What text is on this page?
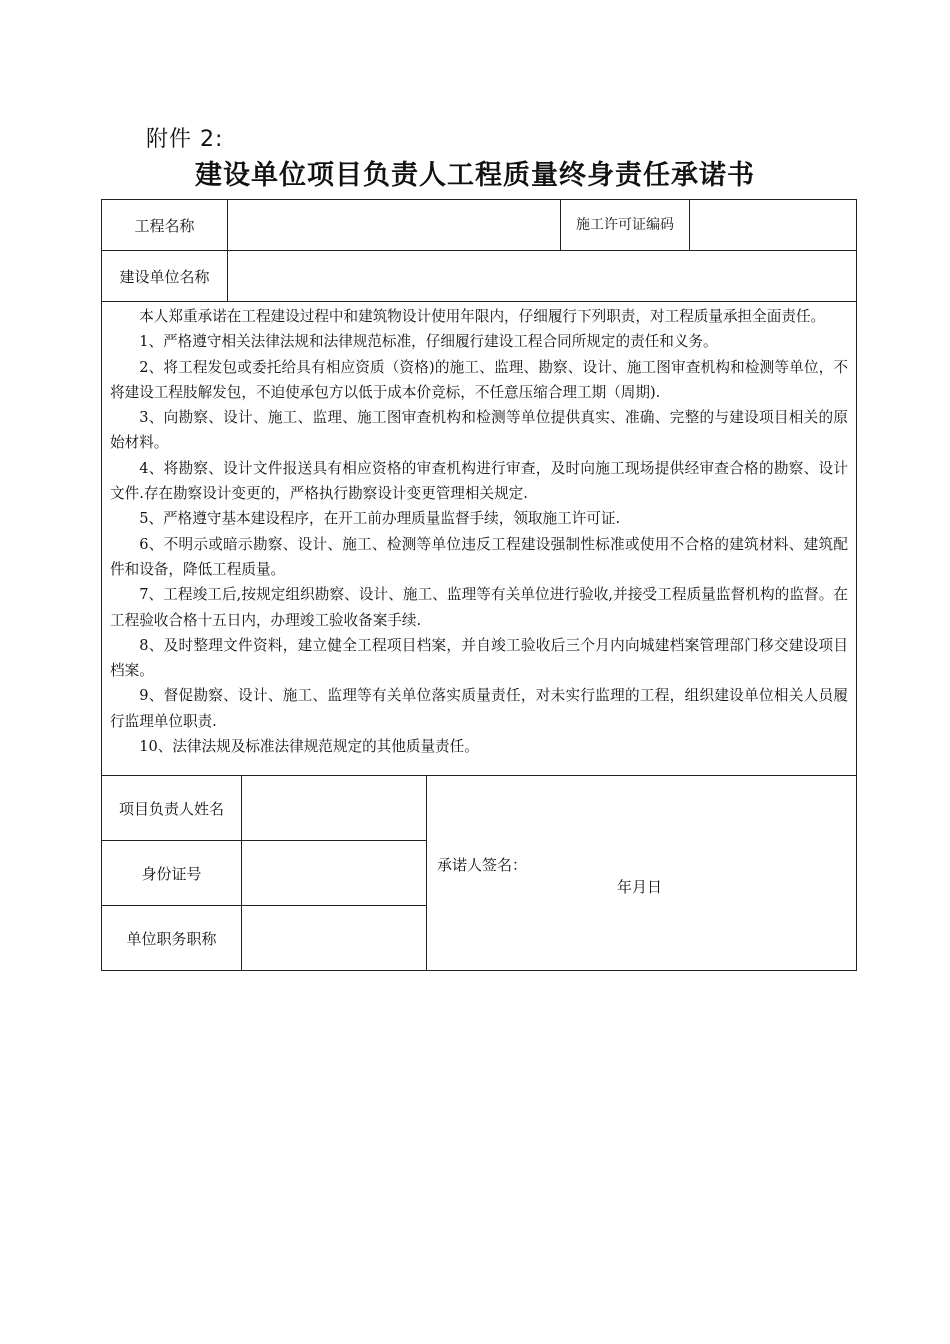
附件 2:
建设单位项目负责人工程质量终身责任承诺书
工程名称	施工许可证编码
建设单位名称

本人郑重承诺在工程建设过程中和建筑物设计使用年限内，仔细履行下列职责，对工程质量承担全面责任。

1、严格遵守相关法律法规和法律规范标准，仔细履行建设工程合同所规定的责任和义务。

2、将工程发包或委托给具有相应资质（资格)的施工、监理、勘察、设计、施工图审查机构和检测等单位，不将建设工程肢解发包，不迫使承包方以低于成本价竞标，不任意压缩合理工期（周期).

3、向勘察、设计、施工、监理、施工图审查机构和检测等单位提供真实、准确、完整的与建设项目相关的原始材料。

4、将勘察、设计文件报送具有相应资格的审查机构进行审查，及时向施工现场提供经审查合格的勘察、设计文件.存在勘察设计变更的，严格执行勘察设计变更管理相关规定.

5、严格遵守基本建设程序，在开工前办理质量监督手续，领取施工许可证.

6、不明示或暗示勘察、设计、施工、检测等单位违反工程建设强制性标准或使用不合格的建筑材料、建筑配件和设备，降低工程质量。

7、工程竣工后,按规定组织勘察、设计、施工、监理等有关单位进行验收,并接受工程质量监督机构的监督。在工程验收合格十五日内，办理竣工验收备案手续.

8、及时整理文件资料，建立健全工程项目档案，并自竣工验收后三个月内向城建档案管理部门移交建设项目档案。

9、督促勘察、设计、施工、监理等有关单位落实质量责任，对未实行监理的工程，组织建设单位相关人员履行监理单位职责.

10、法律法规及标准法律规范规定的其他质量责任。

项目负责人姓名
身份证号
单位职务职称
承诺人签名：
年月日
